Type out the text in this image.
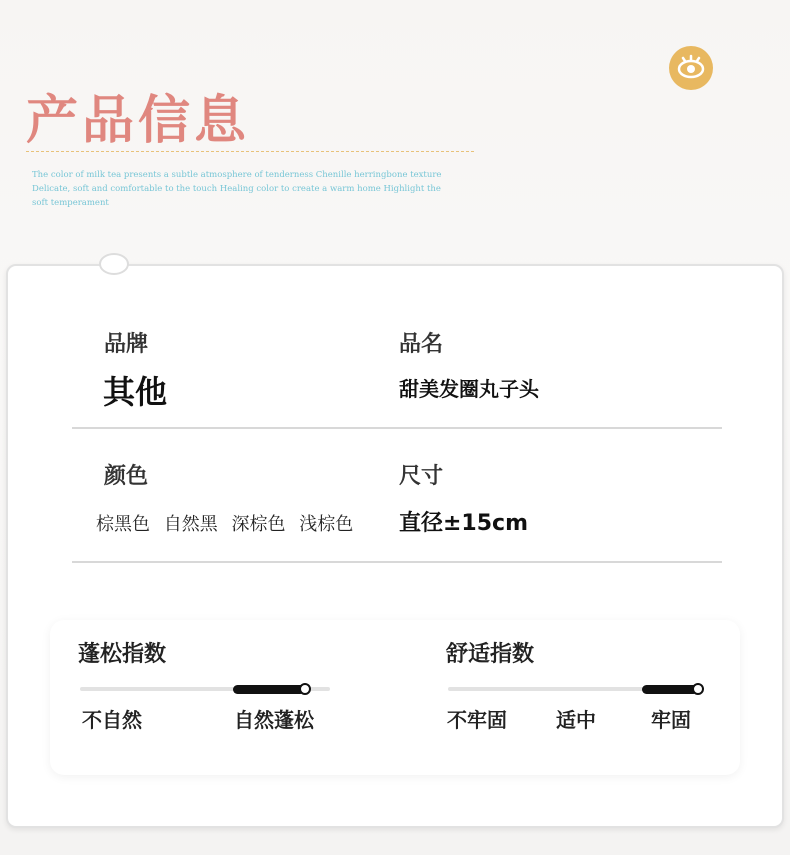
产品信息
The color of milk tea presents a subtle atmosphere of tenderness Chenille herringbone texture Delicate, soft and comfortable to the touch Healing color to create a warm home Highlight the soft temperament
品牌
其他
品名
甜美发圈丸子头
颜色
棕黑色 自然黑 深棕色 浅棕色
尺寸
直径±15cm
蓬松指数
不自然	自然蓬松
舒适指数
不牢固 适中	牢固
